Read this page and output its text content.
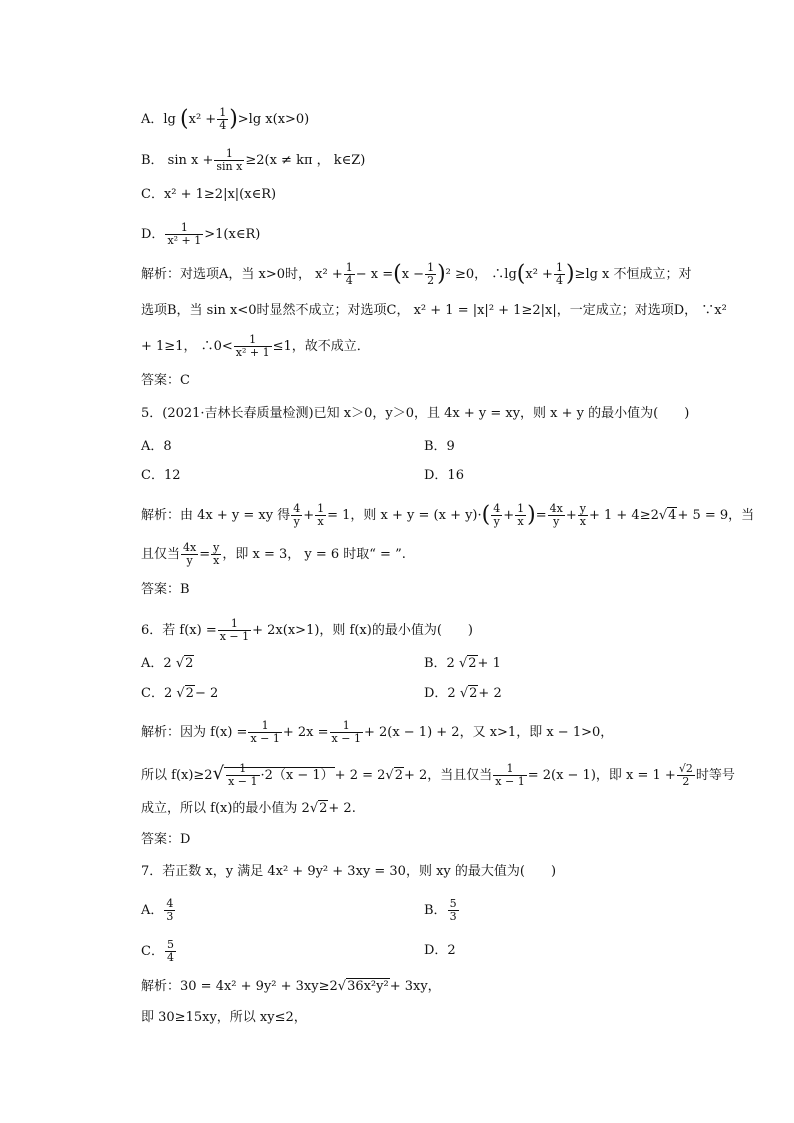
A．$\lg (x^2 + \frac{1}{4} )>\lg$ x(x>0)
B． $\sin x + \frac{1}{\text{sin x}} \ge 2(x \ne k\pi$ ， k∈Z)
C．x² + 1≥2|x|(x∈R)
D． $\frac{1}{\text{x² + 1}}$ >1(x∈R)
解析：对选项A，当 x>0时， $x^2 + \frac{1}{4} - x =(x - \frac{1}{2} )^2 \ge 0$， ∴lg(x² + $\frac{1}{4} )\ge\lg$ x 不恒成立；对
选项B，当 sin x<0时显然不成立；对选项C， x² + 1 = |x|² + 1≥2|x|，一定成立；对选项D， ∵x²
+ 1≥1， ∴0< $\frac{1}{\text{x² + 1}} \le 1$，故不成立．
答案：C
5．(2021·吉林长春质量检测)已知 x＞0，y＞0，且 4x + y = xy，则 x + y 的最小值为(　　)
A．8	B．9
C．12	D．16
解析：由 4x + y = xy 得 $\frac{4}{y} + \frac{1}{x} = 1$，则 $x + y = (x + y)\cdot( \frac{4}{y} + \frac{1}{x}$ )= $\frac{4x}{y} + \frac{y}{x} + 1 + 4\ge 2√4+ 5 = 9$，当
且仅当 $\frac{4x}{y} = \frac{y}{x}$ ，即 x = 3， y = 6 时取“ = ”.
答案：B
6．若 $f(x) = \frac{1}{x - 1} + 2x(x>1)$，则 f(x)的最小值为(　　)
A．2 √2	B．2 √2+ 1
C．2 √2− 2	D．2 √2+ 2
解析：因为 $f(x) = \frac{1}{x - 1} + 2x = \frac{1}{x - 1} + 2(x - 1) + 2$，又 x>1，即 x − 1>0，
所以 $f(x)\ge 2√ \frac{1}{x - 1} \cdot 2(x - 1)+ 2 = 2√2+ 2$，当且仅当 $\frac{1}{x - 1} = 2(x - 1)$，即 $x = 1 + \frac{√2}{2}$ 时等号
成立，所以 f(x)的最小值为 2√2+ 2.
答案：D
7．若正数 x，y 满足 4x² + 9y² + 3xy = 30，则 xy 的最大值为(　　)
A． $\frac{4}{3}$	B． $\frac{5}{3}$
C． $\frac{5}{4}$	D．2
解析：30 = 4x² + 9y² + 3xy≥2√36x²y²+ 3xy，
即 30≥15xy，所以 xy≤2，
